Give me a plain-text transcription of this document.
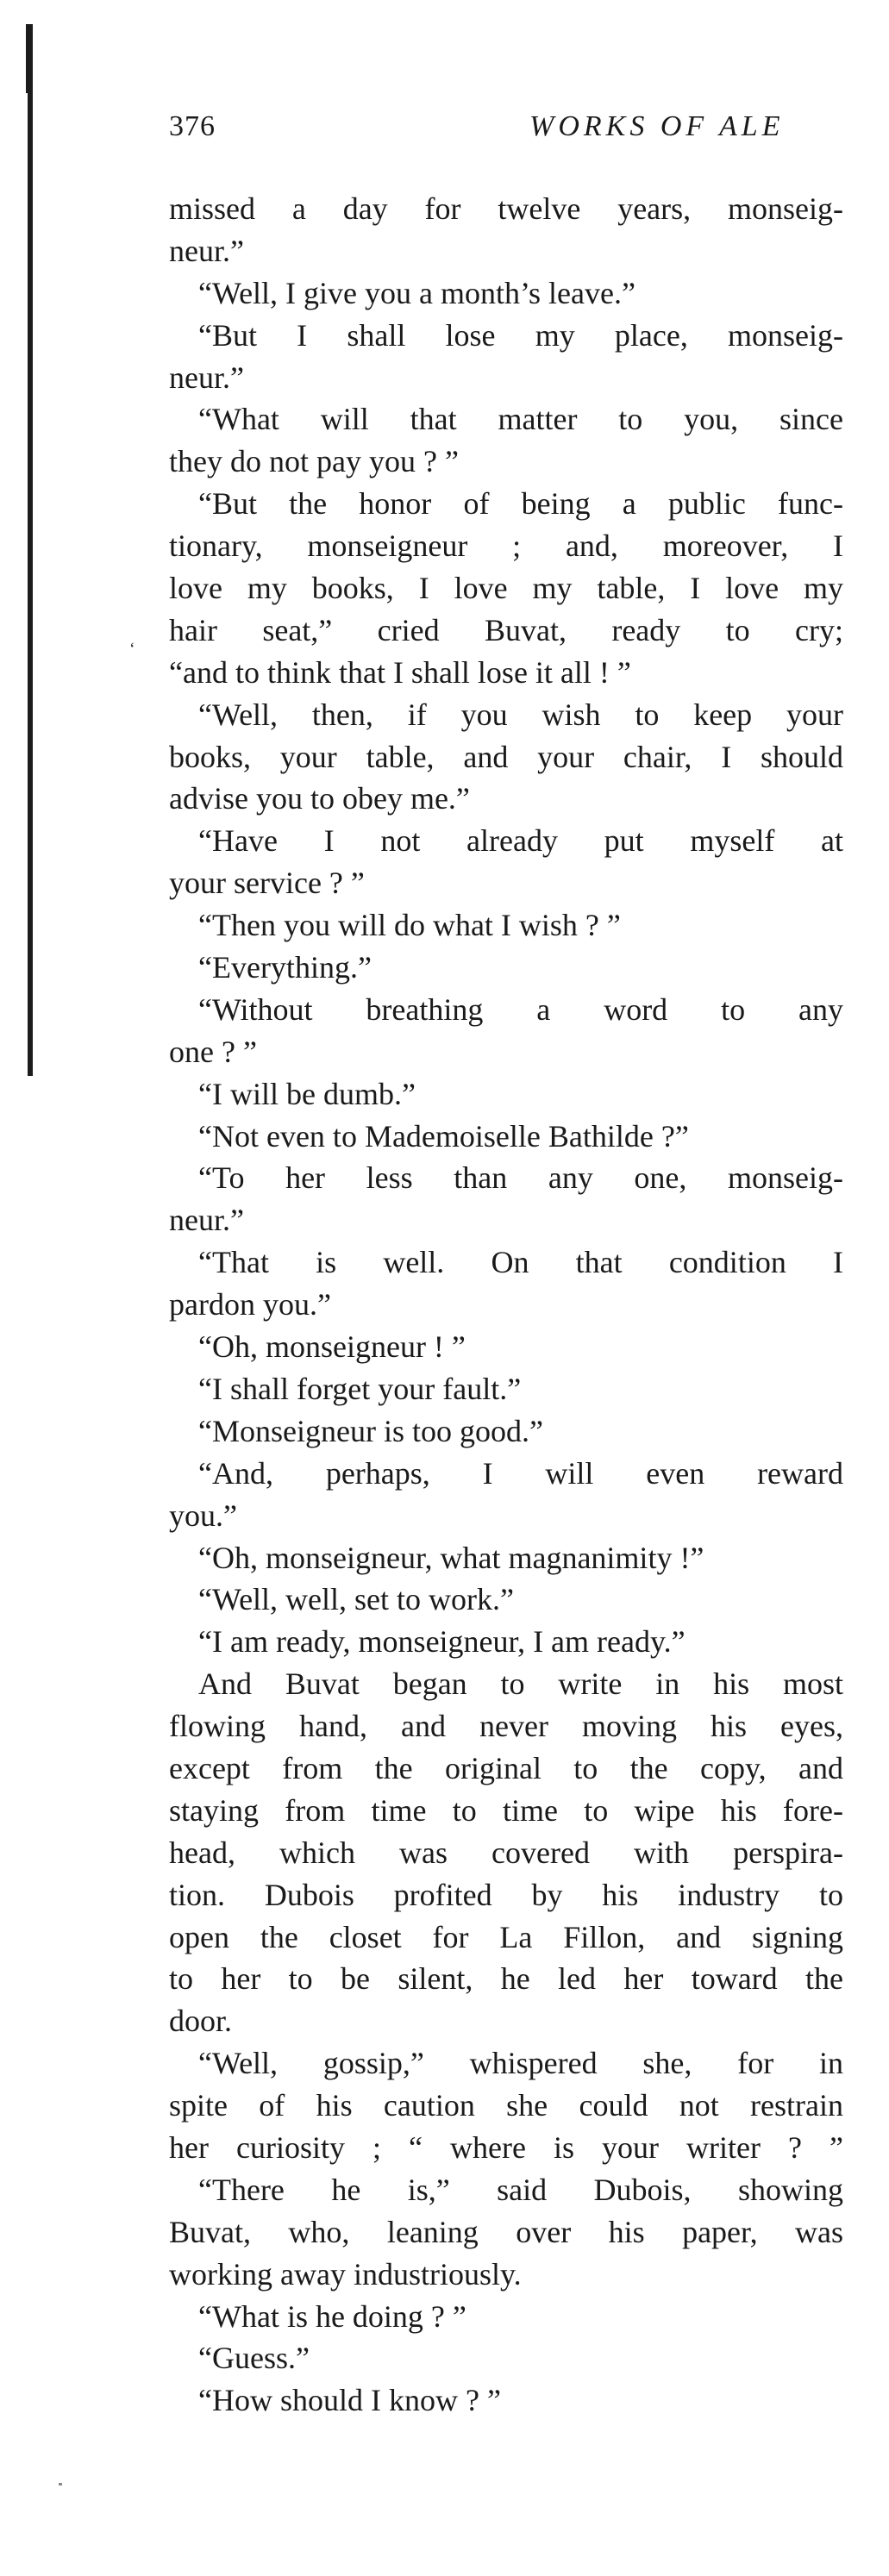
376	WORKS OF ALE
‘
missed a day for twelve years, monseig-
neur.”
“Well, I give you a month’s leave.”
“But I shall lose my place, monseig-
neur.”
“What will that matter to you, since
they do not pay you ? ”
“But the honor of being a public func-
tionary, monseigneur ; and, moreover, I
love my books, I love my table, I love my
hair seat,” cried Buvat, ready to cry;
“and to think that I shall lose it all ! ”
“Well, then, if you wish to keep your
books, your table, and your chair, I should
advise you to obey me.”
“Have I not already put myself at
your service ? ”
“Then you will do what I wish ? ”
“Everything.”
“Without breathing a word to any
one ? ”
“I will be dumb.”
“Not even to Mademoiselle Bathilde ?”
“To her less than any one, monseig-
neur.”
“That is well. On that condition I
pardon you.”
“Oh, monseigneur ! ”
“I shall forget your fault.”
“Monseigneur is too good.”
“And, perhaps, I will even reward
you.”
“Oh, monseigneur, what magnanimity !”
“Well, well, set to work.”
“I am ready, monseigneur, I am ready.”
And Buvat began to write in his most
flowing hand, and never moving his eyes,
except from the original to the copy, and
staying from time to time to wipe his fore-
head, which was covered with perspira-
tion. Dubois profited by his industry to
open the closet for La Fillon, and signing
to her to be silent, he led her toward the
door.
“Well, gossip,” whispered she, for in
spite of his caution she could not restrain
her curiosity ; “ where is your writer ? ”
“There he is,” said Dubois, showing
Buvat, who, leaning over his paper, was
working away industriously.
“What is he doing ? ”
“Guess.”
“How should I know ? ”
